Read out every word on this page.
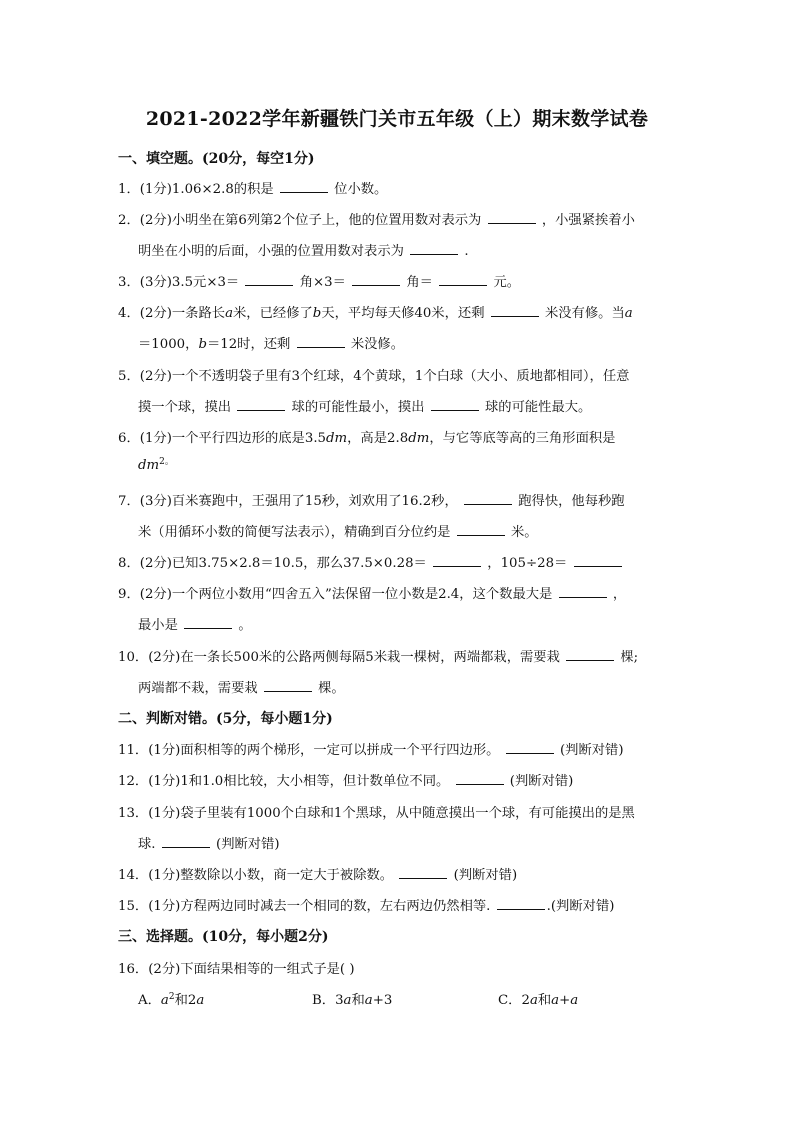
2021-2022学年新疆铁门关市五年级（上）期末数学试卷
一、填空题。(20分，每空1分)
1．(1分)1.06×2.8的积是	位小数。
2．(2分)小明坐在第6列第2个位子上，他的位置用数对表示为	，小强紧挨着小
明坐在小明的后面，小强的位置用数对表示为	.
3．(3分)3.5元×3＝	角×3＝	角＝	元。
4．(2分)一条路长a米，已经修了b天，平均每天修40米，还剩	米没有修。当a
＝1000，b＝12时，还剩	米没修。
5．(2分)一个不透明袋子里有3个红球，4个黄球，1个白球（大小、质地都相同），任意
摸一个球，摸出	球的可能性最小，摸出	球的可能性最大。
6．(1分)一个平行四边形的底是3.5dm，高是2.8dm，与它等底等高的三角形面积是
$dm^{2。}$
7．(3分)百米赛跑中，王强用了15秒，刘欢用了16.2秒，	跑得快，他每秒跑
米（用循环小数的简便写法表示），精确到百分位约是	米。
8．(2分)已知3.75×2.8＝10.5，那么37.5×0.28＝	，105÷28＝
9．(2分)一个两位小数用“四舍五入”法保留一位小数是2.4，这个数最大是	，
最小是	。
10．(2分)在一条长500米的公路两侧每隔5米栽一棵树，两端都栽，需要栽	棵;
两端都不栽，需要栽	棵。
二、判断对错。(5分，每小题1分)
11．(1分)面积相等的两个梯形，一定可以拼成一个平行四边形。	(判断对错)
12．(1分)1和1.0相比较，大小相等，但计数单位不同。	(判断对错)
13．(1分)袋子里装有1000个白球和1个黑球，从中随意摸出一个球，有可能摸出的是黑
球.	(判断对错)
14．(1分)整数除以小数，商一定大于被除数。	(判断对错)
15．(1分)方程两边同时减去一个相同的数，左右两边仍然相等.	.(判断对错)
三、选择题。(10分，每小题2分)
16．(2分)下面结果相等的一组式子是( )
A．$a^2$和2a	B．3a和a+3	C．2a和a+a
